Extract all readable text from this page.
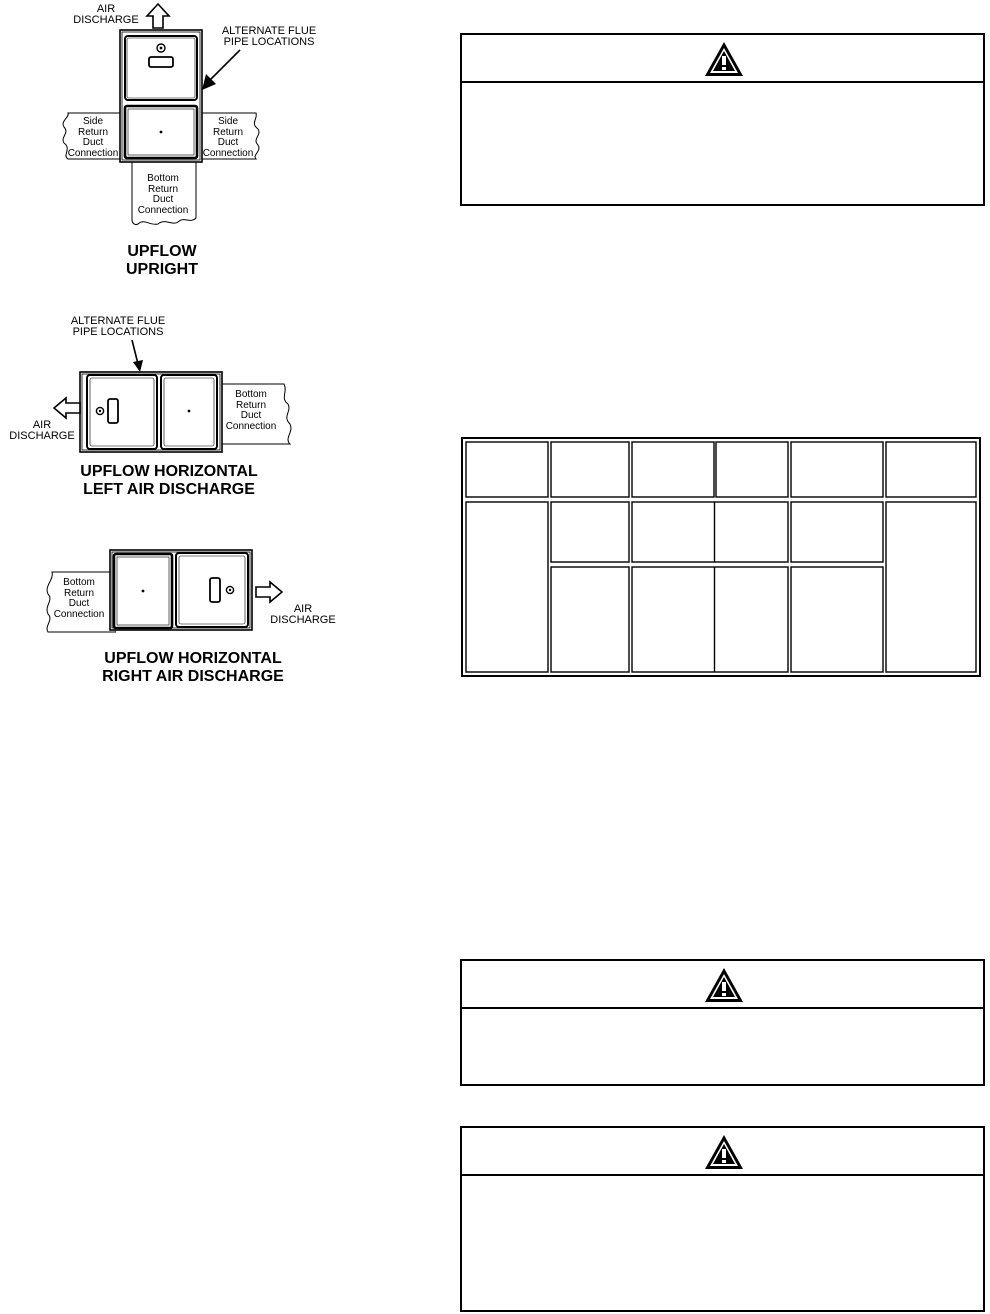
AIR
DISCHARGE
ALTERNATE FLUE
PIPE LOCATIONS
Side
Return
Duct
Connection
Side
Return
Duct
Connection
Bottom
Return
Duct
Connection
UPFLOW
UPRIGHT
ALTERNATE FLUE
PIPE LOCATIONS
Bottom
Return
Duct
Connection
AIR
DISCHARGE
UPFLOW HORIZONTAL
LEFT AIR DISCHARGE
Bottom
Return
Duct
Connection	AIR
DISCHARGE
UPFLOW HORIZONTAL
RIGHT AIR DISCHARGE
